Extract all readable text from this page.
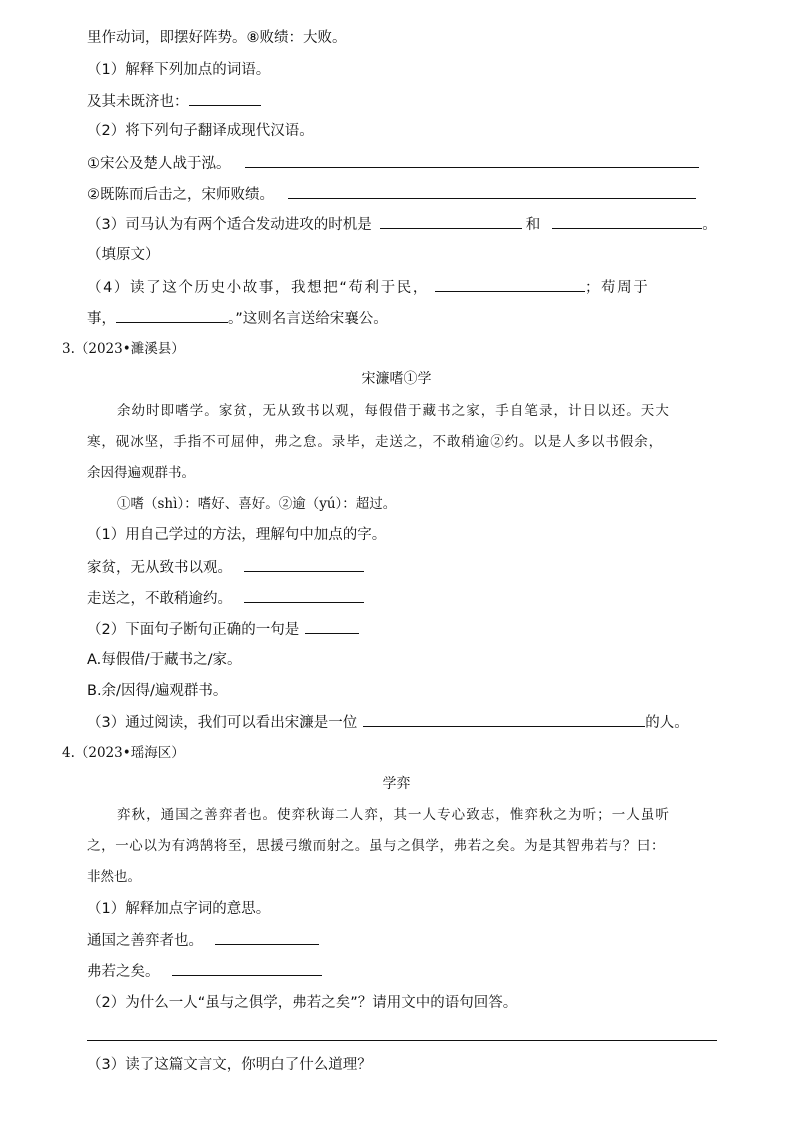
里作动词，即摆好阵势。⑧败绩：大败。
（1）解释下列加点的词语。
及其未既济也：
（2）将下列句子翻译成现代汉语。
①宋公及楚人战于泓。
②既陈而后击之，宋师败绩。
（3）司马认为有两个适合发动进攻的时机是	和	。
（填原文）
（4）读了这个历史小故事，我想把“苟利于民，	；苟周于
事，	。”这则名言送给宋襄公。
3.（2023•濉溪县）
宋濂嗜①学
余幼时即嗜学。家贫，无从致书以观，每假借于藏书之家，手自笔录，计日以还。天大
寒，砚冰坚，手指不可屈伸，弗之怠。录毕，走送之，不敢稍逾②约。以是人多以书假余，
余因得遍观群书。
①嗜（shì）：嗜好、喜好。②逾（yú）：超过。
（1）用自己学过的方法，理解句中加点的字。
家贫，无从致书以观。
走送之，不敢稍逾约。
（2）下面句子断句正确的一句是
A.每假借/于藏书之/家。
B.余/因得/遍观群书。
（3）通过阅读，我们可以看出宋濂是一位	的人。
4.（2023•瑶海区）
学弈
弈秋，通国之善弈者也。使弈秋诲二人弈，其一人专心致志，惟弈秋之为听；一人虽听
之，一心以为有鸿鹄将至，思援弓缴而射之。虽与之俱学，弗若之矣。为是其智弗若与？曰：
非然也。
（1）解释加点字词的意思。
通国之善弈者也。
弗若之矣。
（2）为什么一人“虽与之俱学，弗若之矣”？请用文中的语句回答。
（3）读了这篇文言文，你明白了什么道理？
